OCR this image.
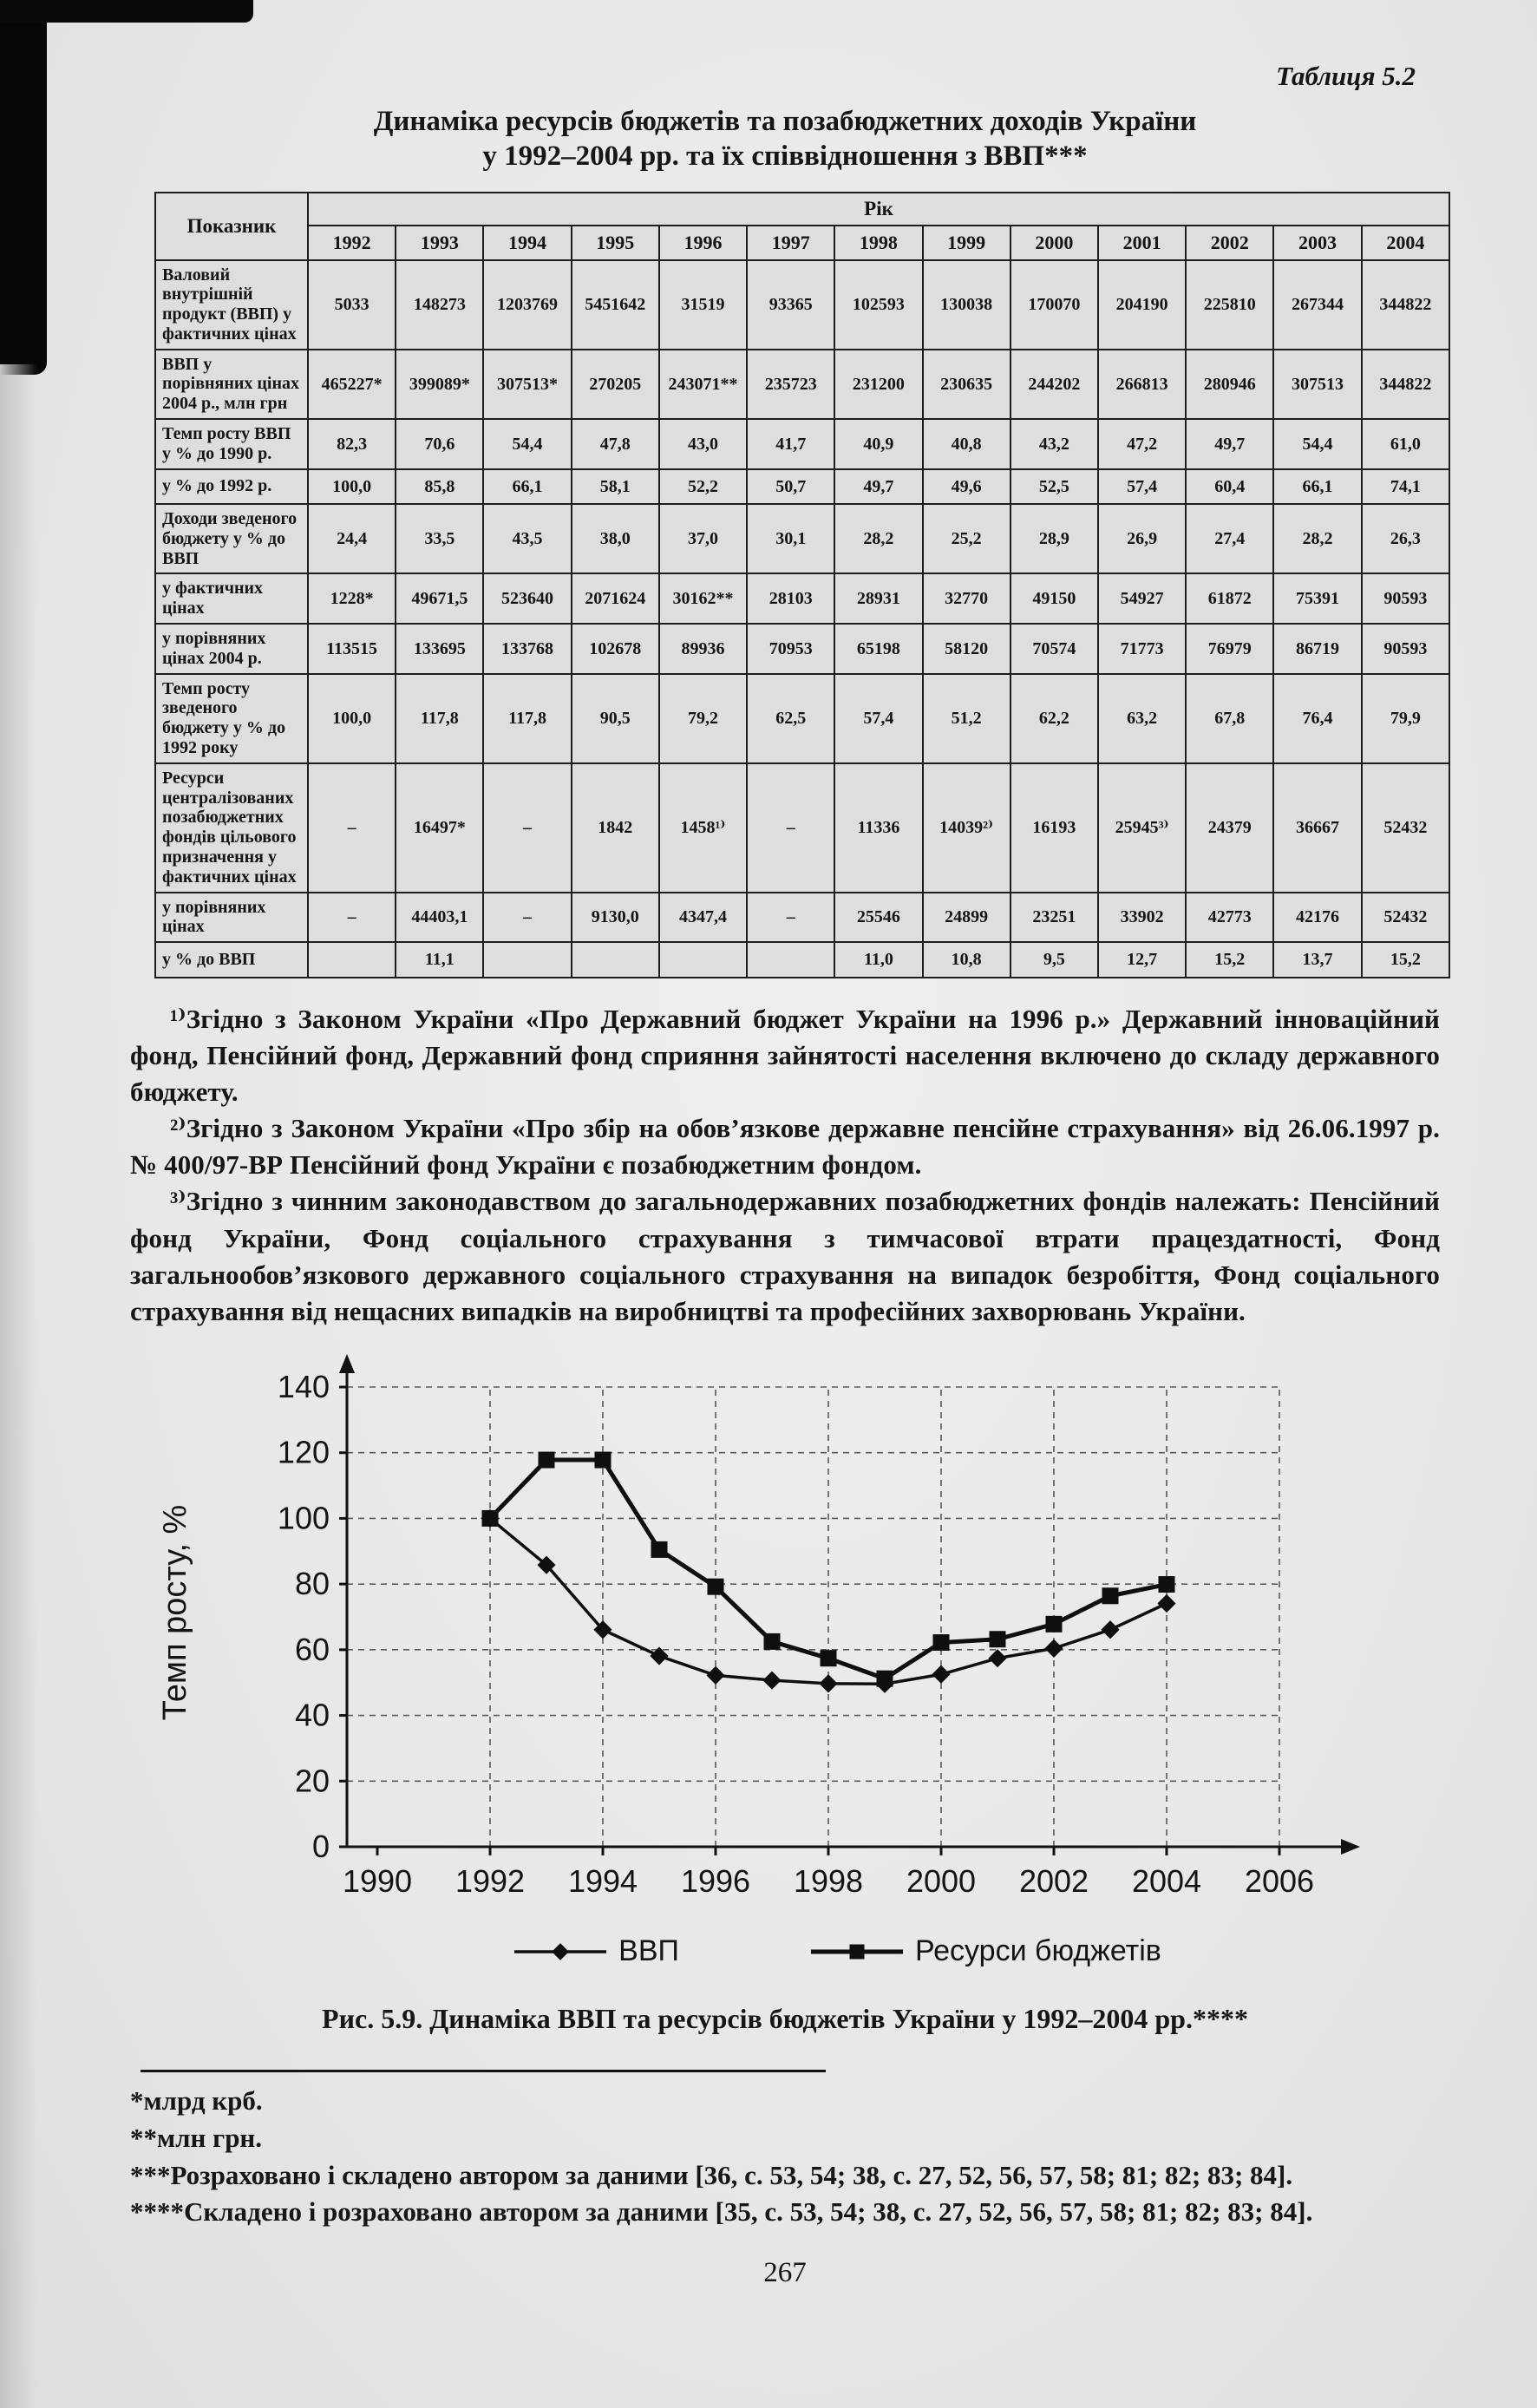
Таблиця 5.2
Динаміка ресурсів бюджетів та позабюджетних доходів України
у 1992–2004 рр. та їх співвідношення з ВВП***
Показник	Рік												
	1992	1993	1994	1995	1996	1997	1998	1999	2000	2001	2002	2003	2004
Валовий внутрішній продукт (ВВП) у фактичних цінах	5033	148273	1203769	5451642	31519	93365	102593	130038	170070	204190	225810	267344	344822
ВВП у порівняних цінах 2004 р., млн грн	465227*	399089*	307513*	270205	243071**	235723	231200	230635	244202	266813	280946	307513	344822
Темп росту ВВП у % до 1990 р.	82,3	70,6	54,4	47,8	43,0	41,7	40,9	40,8	43,2	47,2	49,7	54,4	61,0
у % до 1992 р.	100,0	85,8	66,1	58,1	52,2	50,7	49,7	49,6	52,5	57,4	60,4	66,1	74,1
Доходи зведеного бюджету у % до ВВП	24,4	33,5	43,5	38,0	37,0	30,1	28,2	25,2	28,9	26,9	27,4	28,2	26,3
у фактичних цінах	1228*	49671,5	523640	2071624	30162**	28103	28931	32770	49150	54927	61872	75391	90593
у порівняних цінах 2004 р.	113515	133695	133768	102678	89936	70953	65198	58120	70574	71773	76979	86719	90593
Темп росту зведеного бюджету у % до 1992 року	100,0	117,8	117,8	90,5	79,2	62,5	57,4	51,2	62,2	63,2	67,8	76,4	79,9
Ресурси централізованих позабюджетних фондів цільового призначення у фактичних цінах	–	16497*	–	1842	1458¹⁾	–	11336	14039²⁾	16193	25945³⁾	24379	36667	52432
у порівняних цінах	–	44403,1	–	9130,0	4347,4	–	25546	24899	23251	33902	42773	42176	52432
у % до ВВП		11,1					11,0	10,8	9,5	12,7	15,2	13,7	15,2

¹⁾Згідно з Законом України «Про Державний бюджет України на 1996 р.» Державний інноваційний фонд, Пенсійний фонд, Державний фонд сприяння зайнятості населення включено до складу державного бюджету.

²⁾Згідно з Законом України «Про збір на обов’язкове державне пенсійне страхування» від 26.06.1997 р. № 400/97-ВР Пенсійний фонд України є позабюджетним фондом.

³⁾Згідно з чинним законодавством до загальнодержавних позабюджетних фондів належать: Пенсійний фонд України, Фонд соціального страхування з тимчасової втрати працездатності, Фонд загальнообов’язкового державного соціального страхування на випадок безробіття, Фонд соціального страхування від нещасних випадків на виробництві та професійних захворювань України.

0
20
40
60
80
100
120
140
1990 1992 1994 1996 1998 2000 2002 2004 2006
Темп росту, %
ВВП	Ресурси бюджетів
Рис. 5.9. Динаміка ВВП та ресурсів бюджетів України у 1992–2004 рр.****

*млрд крб.

**млн грн.

***Розраховано і складено автором за даними [36, с. 53, 54; 38, с. 27, 52, 56, 57, 58; 81; 82; 83; 84].

****Складено і розраховано автором за даними [35, с. 53, 54; 38, с. 27, 52, 56, 57, 58; 81; 82; 83; 84].

267
